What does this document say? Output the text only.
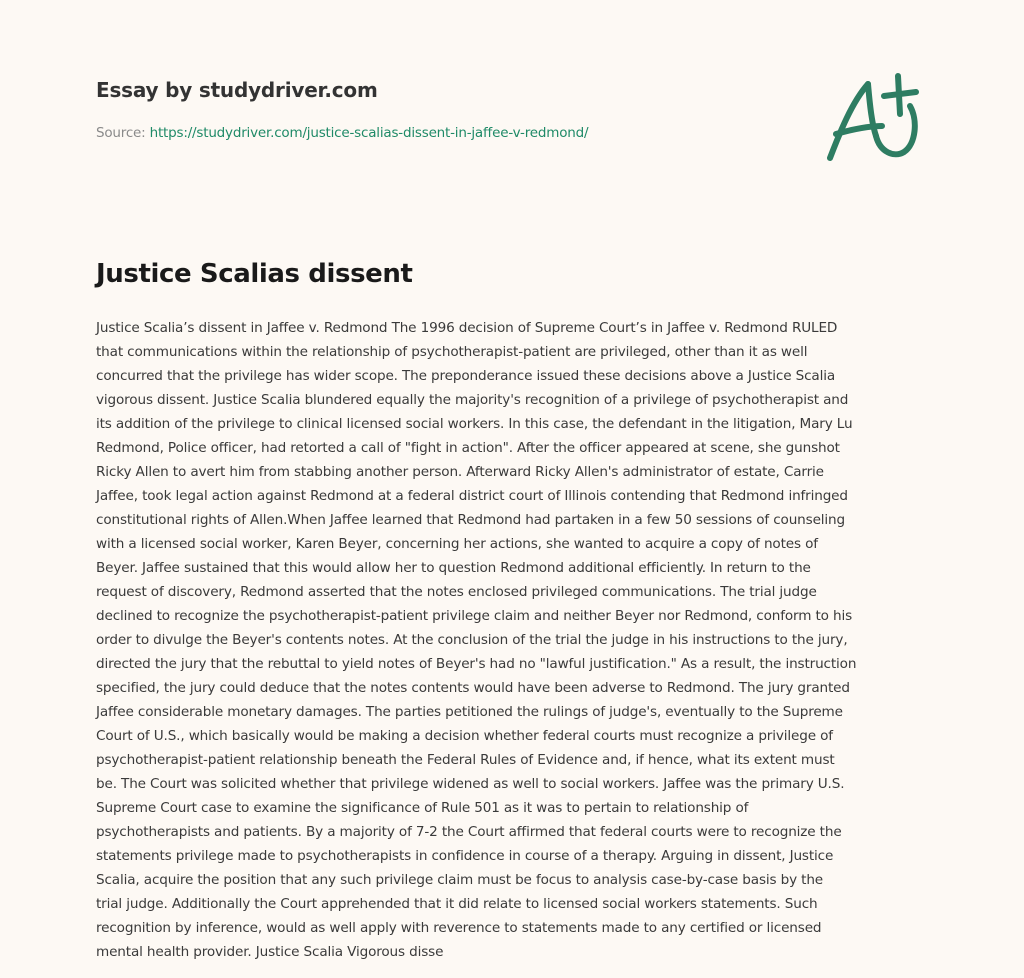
Essay by studydriver.com
Source: https://studydriver.com/justice-scalias-dissent-in-jaffee-v-redmond/
Justice Scalias dissent
Justice Scalia’s dissent in Jaffee v. Redmond The 1996 decision of Supreme Court’s in Jaffee v. Redmond RULED
that communications within the relationship of psychotherapist-patient are privileged, other than it as well
concurred that the privilege has wider scope. The preponderance issued these decisions above a Justice Scalia
vigorous dissent. Justice Scalia blundered equally the majority's recognition of a privilege of psychotherapist and
its addition of the privilege to clinical licensed social workers. In this case, the defendant in the litigation, Mary Lu
Redmond, Police officer, had retorted a call of "fight in action". After the officer appeared at scene, she gunshot
Ricky Allen to avert him from stabbing another person. Afterward Ricky Allen's administrator of estate, Carrie
Jaffee, took legal action against Redmond at a federal district court of Illinois contending that Redmond infringed
constitutional rights of Allen.When Jaffee learned that Redmond had partaken in a few 50 sessions of counseling
with a licensed social worker, Karen Beyer, concerning her actions, she wanted to acquire a copy of notes of
Beyer. Jaffee sustained that this would allow her to question Redmond additional efficiently. In return to the
request of discovery, Redmond asserted that the notes enclosed privileged communications. The trial judge
declined to recognize the psychotherapist-patient privilege claim and neither Beyer nor Redmond, conform to his
order to divulge the Beyer's contents notes. At the conclusion of the trial the judge in his instructions to the jury,
directed the jury that the rebuttal to yield notes of Beyer's had no "lawful justification." As a result, the instruction
specified, the jury could deduce that the notes contents would have been adverse to Redmond. The jury granted
Jaffee considerable monetary damages. The parties petitioned the rulings of judge's, eventually to the Supreme
Court of U.S., which basically would be making a decision whether federal courts must recognize a privilege of
psychotherapist-patient relationship beneath the Federal Rules of Evidence and, if hence, what its extent must
be. The Court was solicited whether that privilege widened as well to social workers. Jaffee was the primary U.S.
Supreme Court case to examine the significance of Rule 501 as it was to pertain to relationship of
psychotherapists and patients. By a majority of 7-2 the Court affirmed that federal courts were to recognize the
statements privilege made to psychotherapists in confidence in course of a therapy. Arguing in dissent, Justice
Scalia, acquire the position that any such privilege claim must be focus to analysis case-by-case basis by the
trial judge. Additionally the Court apprehended that it did relate to licensed social workers statements. Such
recognition by inference, would as well apply with reverence to statements made to any certified or licensed
mental health provider. Justice Scalia Vigorous disse
